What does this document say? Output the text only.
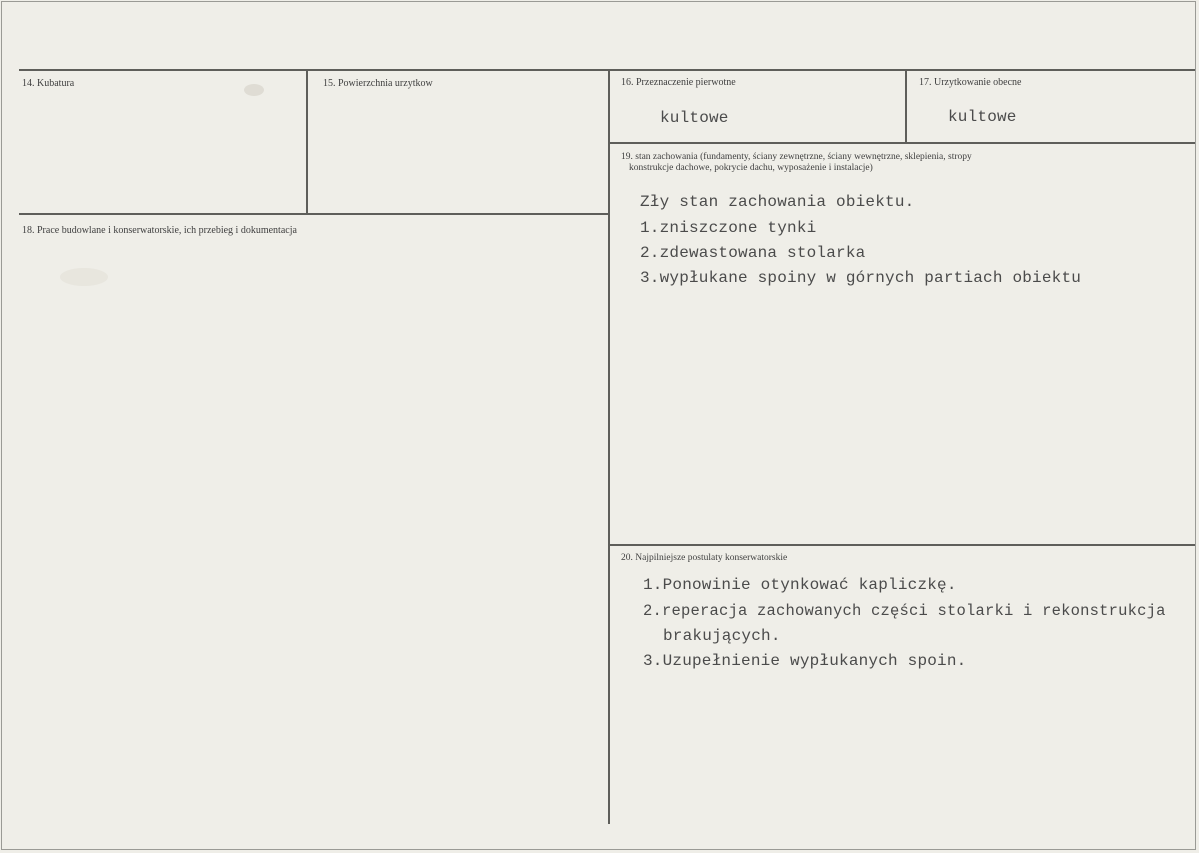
14. Kubatura	15. Powierzchnia urzytkow	16. Przeznaczenie pierwotne
kultowe
17. Urzytkowanie obecne
kultowe
18. Prace budowlane i konserwatorskie, ich przebieg i dokumentacja
19. stan zachowania (fundamenty, ściany zewnętrzne, ściany wewnętrzne, sklepienia, stropy
konstrukcje dachowe, pokrycie dachu, wyposażenie i instalacje)
Zły stan zachowania obiektu.
1.zniszczone tynki
2.zdewastowana stolarka
3.wypłukane spoiny w górnych partiach obiektu
20. Najpilniejsze postulaty konserwatorskie
1.Ponowinie otynkować kapliczkę.
2.reperacja zachowanych części stolarki i rekonstrukcja
brakujących.
3.Uzupełnienie wypłukanych spoin.
